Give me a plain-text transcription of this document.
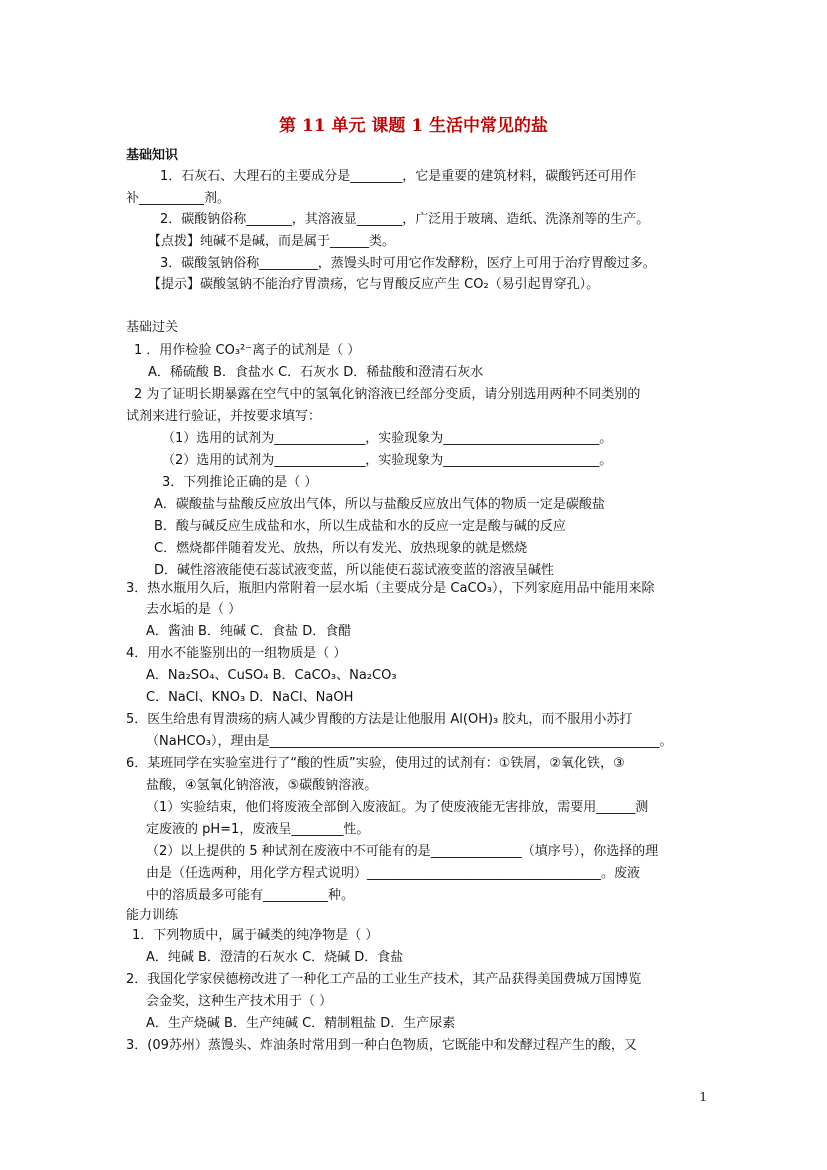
第 11 单元 课题 1 生活中常见的盐
基础知识
1．石灰石、大理石的主要成分是________，它是重要的建筑材料，碳酸钙还可用作
补__________剂。
2．碳酸钠俗称_______，其溶液显_______，广泛用于玻璃、造纸、洗涤剂等的生产。
【点拨】纯碱不是碱，而是属于______类。
3．碳酸氢钠俗称_________，蒸馒头时可用它作发酵粉，医疗上可用于治疗胃酸过多。
【提示】碳酸氢钠不能治疗胃溃疡，它与胃酸反应产生 CO₂（易引起胃穿孔）。
基础过关
1 ．用作检验 CO₃²⁻离子的试剂是（ ）
A．稀硫酸 B．食盐水 C．石灰水 D．稀盐酸和澄清石灰水
2 为了证明长期暴露在空气中的氢氧化钠溶液已经部分变质，请分别选用两种不同类别的
试剂来进行验证，并按要求填写：
（1）选用的试剂为______________，实验现象为________________________。
（2）选用的试剂为______________，实验现象为________________________。
3．下列推论正确的是（ ）
A．碳酸盐与盐酸反应放出气体，所以与盐酸反应放出气体的物质一定是碳酸盐
B．酸与碱反应生成盐和水，所以生成盐和水的反应一定是酸与碱的反应
C．燃烧都伴随着发光、放热，所以有发光、放热现象的就是燃烧
D．碱性溶液能使石蕊试液变蓝，所以能使石蕊试液变蓝的溶液呈碱性
3．热水瓶用久后，瓶胆内常附着一层水垢（主要成分是 CaCO₃），下列家庭用品中能用来除
去水垢的是（ ）
A．酱油 B．纯碱 C．食盐 D．食醋
4．用水不能鉴别出的一组物质是（ ）
A．Na₂SO₄、CuSO₄ B．CaCO₃、Na₂CO₃
C．NaCl、KNO₃ D．NaCl、NaOH
5．医生给患有胃溃疡的病人减少胃酸的方法是让他服用 Al(OH)₃ 胶丸，而不服用小苏打
（NaHCO₃），理由是____________________________________________________________。
6．某班同学在实验室进行了“酸的性质”实验，使用过的试剂有：①铁屑，②氧化铁，③
盐酸，④氢氧化钠溶液，⑤碳酸钠溶液。
（1）实验结束，他们将废液全部倒入废液缸。为了使废液能无害排放，需要用______测
定废液的 pH=1，废液呈________性。
（2）以上提供的 5 种试剂在废液中不可能有的是______________（填序号），你选择的理
由是（任选两种，用化学方程式说明）____________________________________。废液
中的溶质最多可能有__________种。
能力训练
1．下列物质中，属于碱类的纯净物是（ ）
A．纯碱 B．澄清的石灰水 C．烧碱 D．食盐
2．我国化学家侯德榜改进了一种化工产品的工业生产技术，其产品获得美国费城万国博览
会金奖，这种生产技术用于（ ）
A．生产烧碱 B．生产纯碱 C．精制粗盐 D．生产尿素
3．(09苏州）蒸馒头、炸油条时常用到一种白色物质，它既能中和发酵过程产生的酸，又
1
